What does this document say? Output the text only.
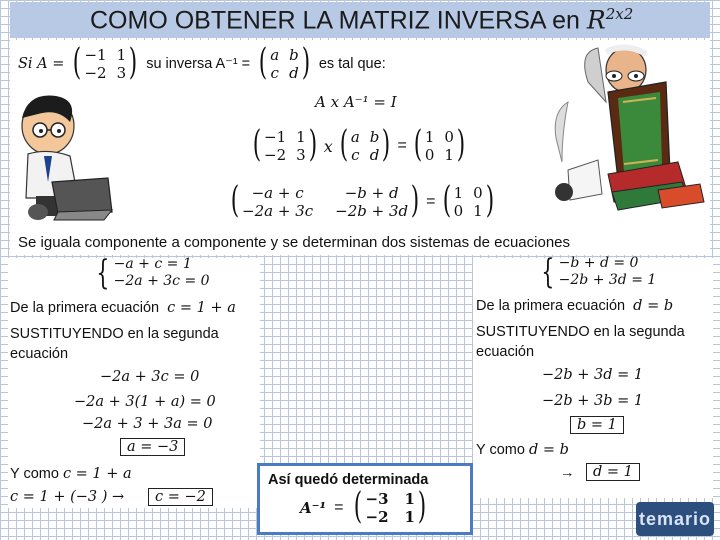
COMO OBTENER LA MATRIZ INVERSA en $R^{2x2}$
Si A = ( −1 1
−2 3 ) su inversa A⁻¹ = ( a b
c d ) es tal que:
A x A⁻¹ = I
( −1 1
−2 3 ) x ( a b
c d ) = ( 1 0
0 1 )
( −a + c	−b + d
−2a + 3c −2b + 3d ) = ( 1 0
0 1 )
Se iguala componente a componente y se determinan dos sistemas de ecuaciones
{ −a + c = 1
−2a + 3c = 0	{ −b + d = 0
−2b + 3d = 1
De la primera ecuación c = 1 + a
SUSTITUYENDO en la segunda
ecuación
−2a + 3c = 0
−2a + 3(1 + a) = 0
−2a + 3 + 3a = 0
a = −3
Y como c = 1 + a
c = 1 + (−3 ) →	c = −2
De la primera ecuación d = b
SUSTITUYENDO en la segunda
ecuación
−2b + 3d = 1
−2b + 3b = 1
b = 1
Y como d = b
→	d = 1
Así quedó determinada
A⁻¹ = ( −3 1
−2 1 )	temario
